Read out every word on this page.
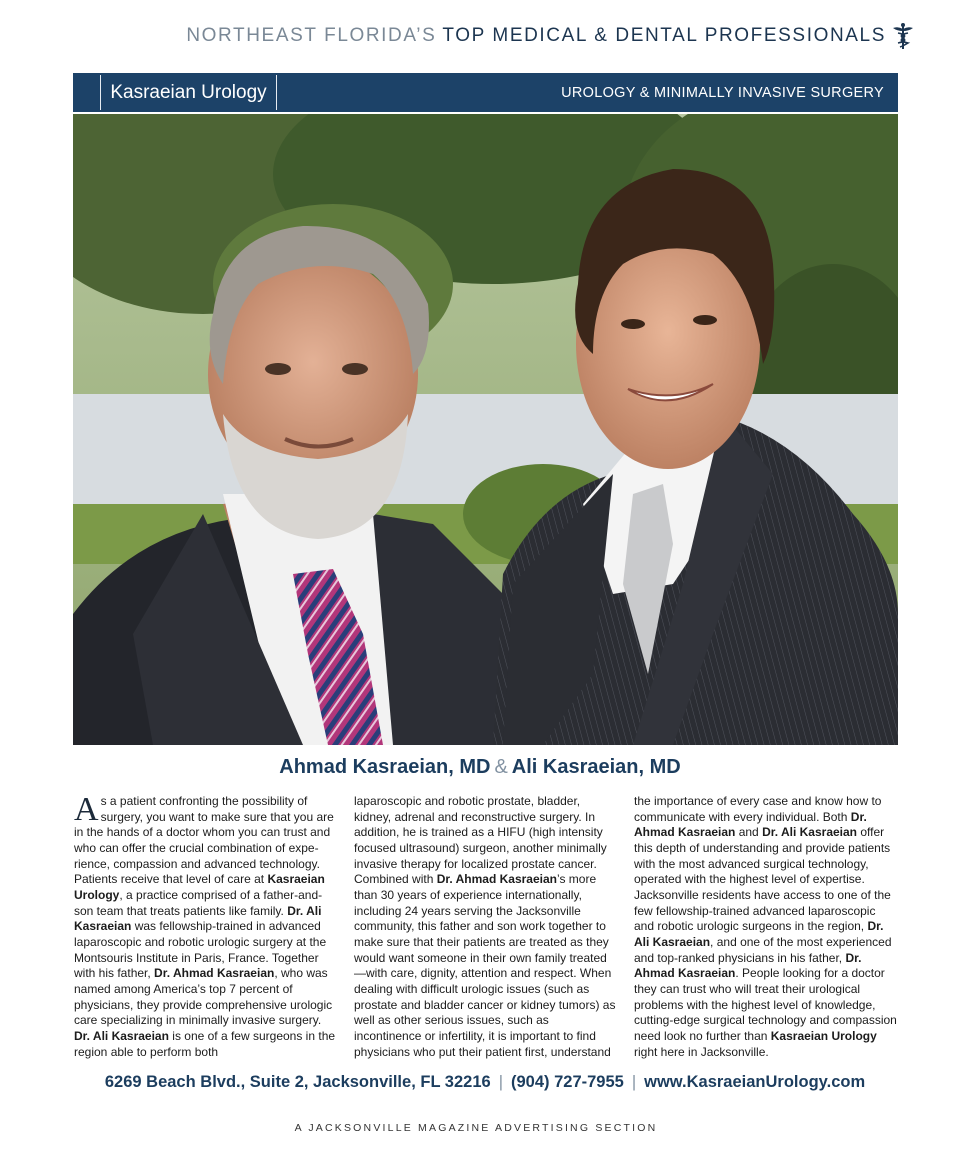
NORTHEAST FLORIDA’S TOP MEDICAL & DENTAL PROFESSIONALS
Kasraeian Urology	UROLOGY & MINIMALLY INVASIVE SURGERY
Ahmad Kasraeian, MD & Ali Kasraeian, MD
As a patient confronting the possibility of surgery, you want to make sure that you are in the hands of a doctor whom you can trust and who can offer the crucial combination of expe-rience, compassion and advanced technology. Patients receive that level of care at Kasraeian Urology, a practice comprised of a father-and-son team that treats patients like family. Dr. Ali Kasraeian was fellowship-trained in advanced laparoscopic and robotic urologic surgery at the Montsouris Institute in Paris, France. Together with his father, Dr. Ahmad Kasraeian, who was named among America’s top 7 percent of physicians, they provide comprehensive urologic care specializing in minimally invasive surgery. Dr. Ali Kasraeian is one of a few surgeons in the region able to perform both
laparoscopic and robotic prostate, bladder, kidney, adrenal and reconstructive surgery. In addition, he is trained as a HIFU (high intensity focused ultrasound) surgeon, another minimally invasive therapy for localized prostate cancer. Combined with Dr. Ahmad Kasraeian’s more than 30 years of experience internationally, including 24 years serving the Jacksonville community, this father and son work together to make sure that their patients are treated as they would want someone in their own family treated—with care, dignity, attention and respect. When dealing with difficult urologic issues (such as prostate and bladder cancer or kidney tumors) as well as other serious issues, such as incontinence or infertility, it is important to find physicians who put their patient first, understand
the importance of every case and know how to communicate with every individual. Both Dr. Ahmad Kasraeian and Dr. Ali Kasraeian offer this depth of understanding and provide patients with the most advanced surgical technology, operated with the highest level of expertise. Jacksonville residents have access to one of the few fellowship-trained advanced laparoscopic and robotic urologic surgeons in the region, Dr. Ali Kasraeian, and one of the most experienced and top-ranked physicians in his father, Dr. Ahmad Kasraeian. People looking for a doctor they can trust who will treat their urological problems with the highest level of knowledge, cutting-edge surgical technology and compassion need look no further than Kasraeian Urology right here in Jacksonville.
6269 Beach Blvd., Suite 2, Jacksonville, FL 32216 | (904) 727-7955 | www.KasraeianUrology.com
A JACKSONVILLE MAGAZINE ADVERTISING SECTION
